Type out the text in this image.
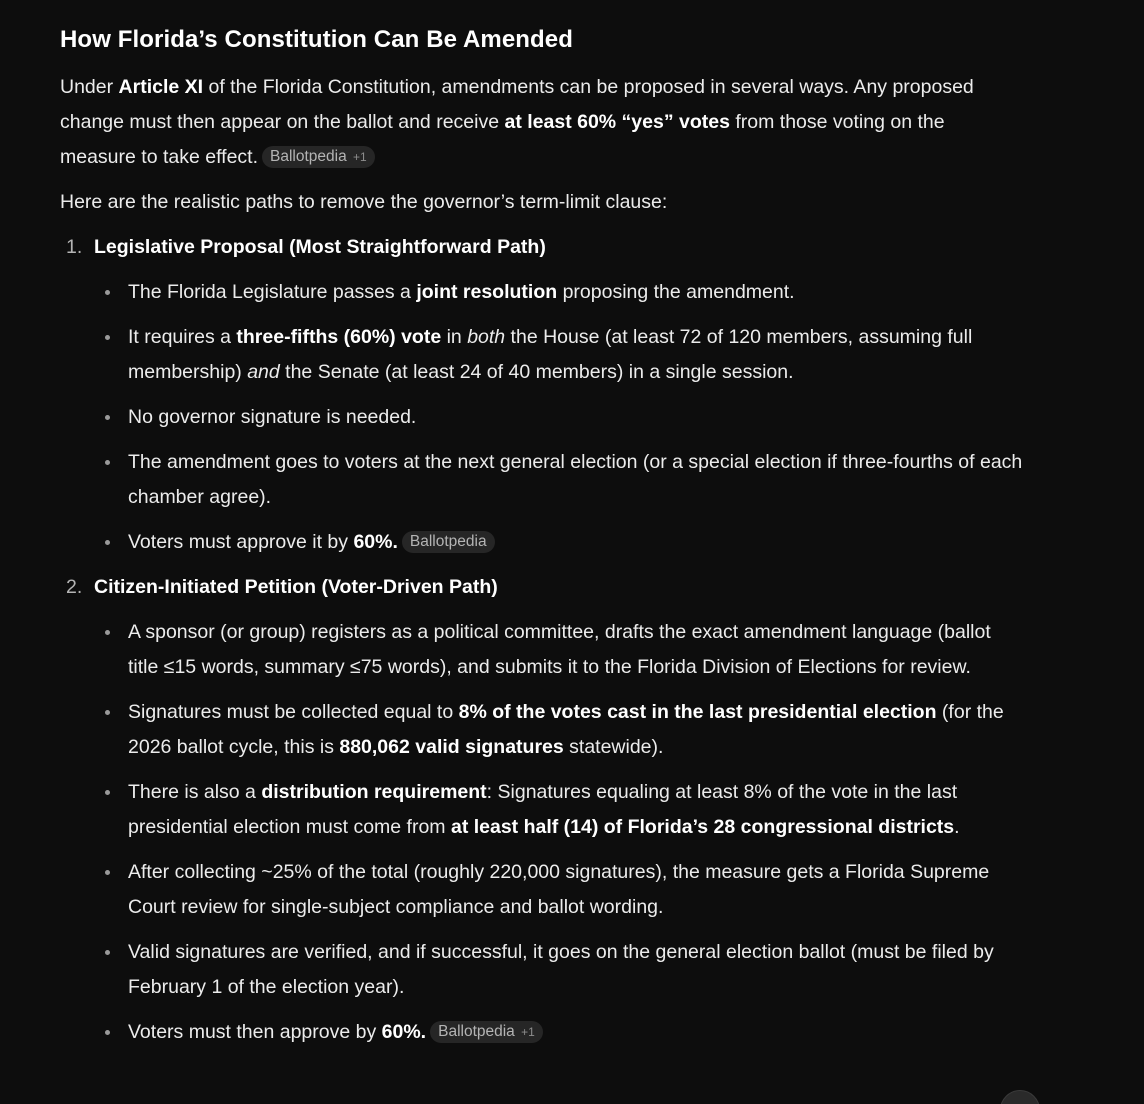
How Florida’s Constitution Can Be Amended

Under Article XI of the Florida Constitution, amendments can be proposed in several ways. Any proposed change must then appear on the ballot and receive at least 60% “yes” votes from those voting on the measure to take effect. Ballotpedia +1

Here are the realistic paths to remove the governor’s term-limit clause:

1. Legislative Proposal (Most Straightforward Path)
The Florida Legislature passes a joint resolution proposing the amendment.
It requires a three-fifths (60%) vote in both the House (at least 72 of 120 members, assuming full membership) and the Senate (at least 24 of 40 members) in a single session.
No governor signature is needed.
The amendment goes to voters at the next general election (or a special election if three-fourths of each chamber agree).
Voters must approve it by 60%. Ballotpedia
2. Citizen-Initiated Petition (Voter-Driven Path)
A sponsor (or group) registers as a political committee, drafts the exact amendment language (ballot title ≤15 words, summary ≤75 words), and submits it to the Florida Division of Elections for review.
Signatures must be collected equal to 8% of the votes cast in the last presidential election (for the 2026 ballot cycle, this is 880,062 valid signatures statewide).
There is also a distribution requirement: Signatures equaling at least 8% of the vote in the last presidential election must come from at least half (14) of Florida’s 28 congressional districts.
After collecting ~25% of the total (roughly 220,000 signatures), the measure gets a Florida Supreme Court review for single-subject compliance and ballot wording.
Valid signatures are verified, and if successful, it goes on the general election ballot (must be filed by February 1 of the election year).
Voters must then approve by 60%. Ballotpedia +1
